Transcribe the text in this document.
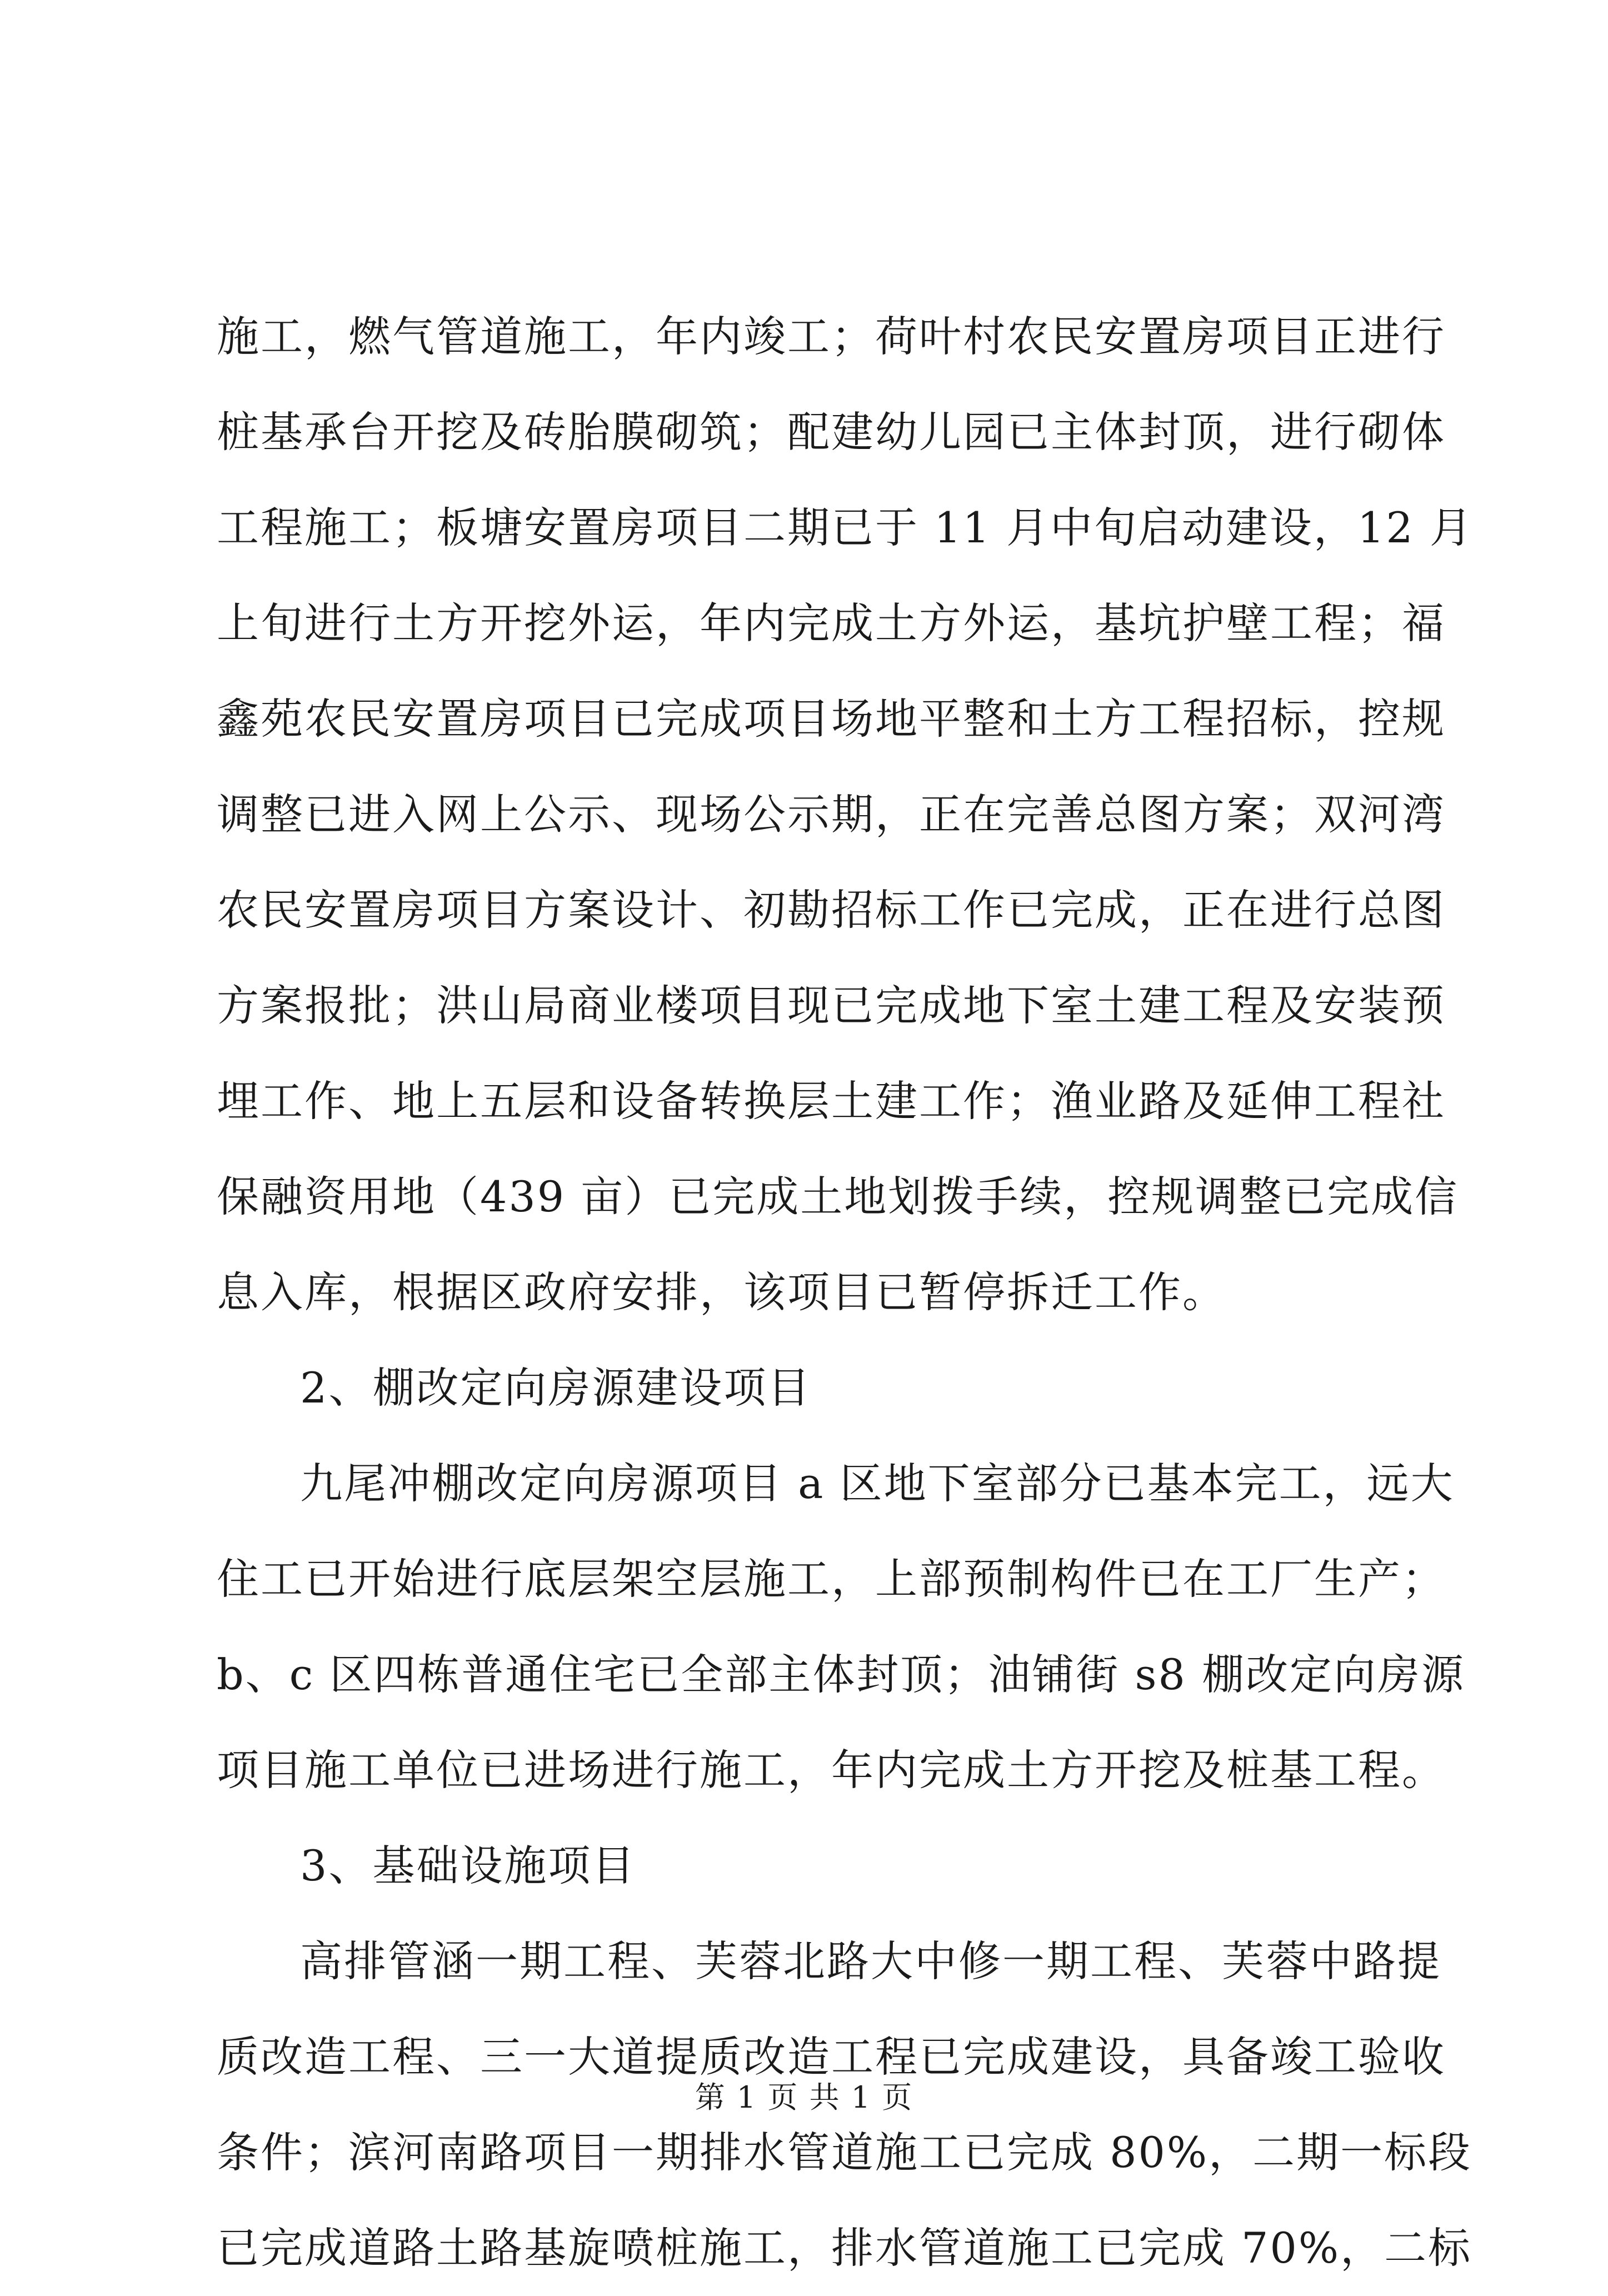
施工，燃气管道施工，年内竣工；荷叶村农民安置房项目正进行
桩基承台开挖及砖胎膜砌筑；配建幼儿园已主体封顶，进行砌体
工程施工；板塘安置房项目二期已于 11 月中旬启动建设，12 月
上旬进行土方开挖外运，年内完成土方外运，基坑护壁工程；福
鑫苑农民安置房项目已完成项目场地平整和土方工程招标，控规
调整已进入网上公示、现场公示期，正在完善总图方案；双河湾
农民安置房项目方案设计、初勘招标工作已完成，正在进行总图
方案报批；洪山局商业楼项目现已完成地下室土建工程及安装预
埋工作、地上五层和设备转换层土建工作；渔业路及延伸工程社
保融资用地（439 亩）已完成土地划拨手续，控规调整已完成信
息入库，根据区政府安排，该项目已暂停拆迁工作。
2、棚改定向房源建设项目
九尾冲棚改定向房源项目 a 区地下室部分已基本完工，远大
住工已开始进行底层架空层施工，上部预制构件已在工厂生产；
b、c 区四栋普通住宅已全部主体封顶；油铺街 s8 棚改定向房源
项目施工单位已进场进行施工，年内完成土方开挖及桩基工程。
3、基础设施项目
高排管涵一期工程、芙蓉北路大中修一期工程、芙蓉中路提
质改造工程、三一大道提质改造工程已完成建设，具备竣工验收
条件；滨河南路项目一期排水管道施工已完成 80%，二期一标段
已完成道路土路基旋喷桩施工，排水管道施工已完成 70%，二标
第 1 页 共 1 页
